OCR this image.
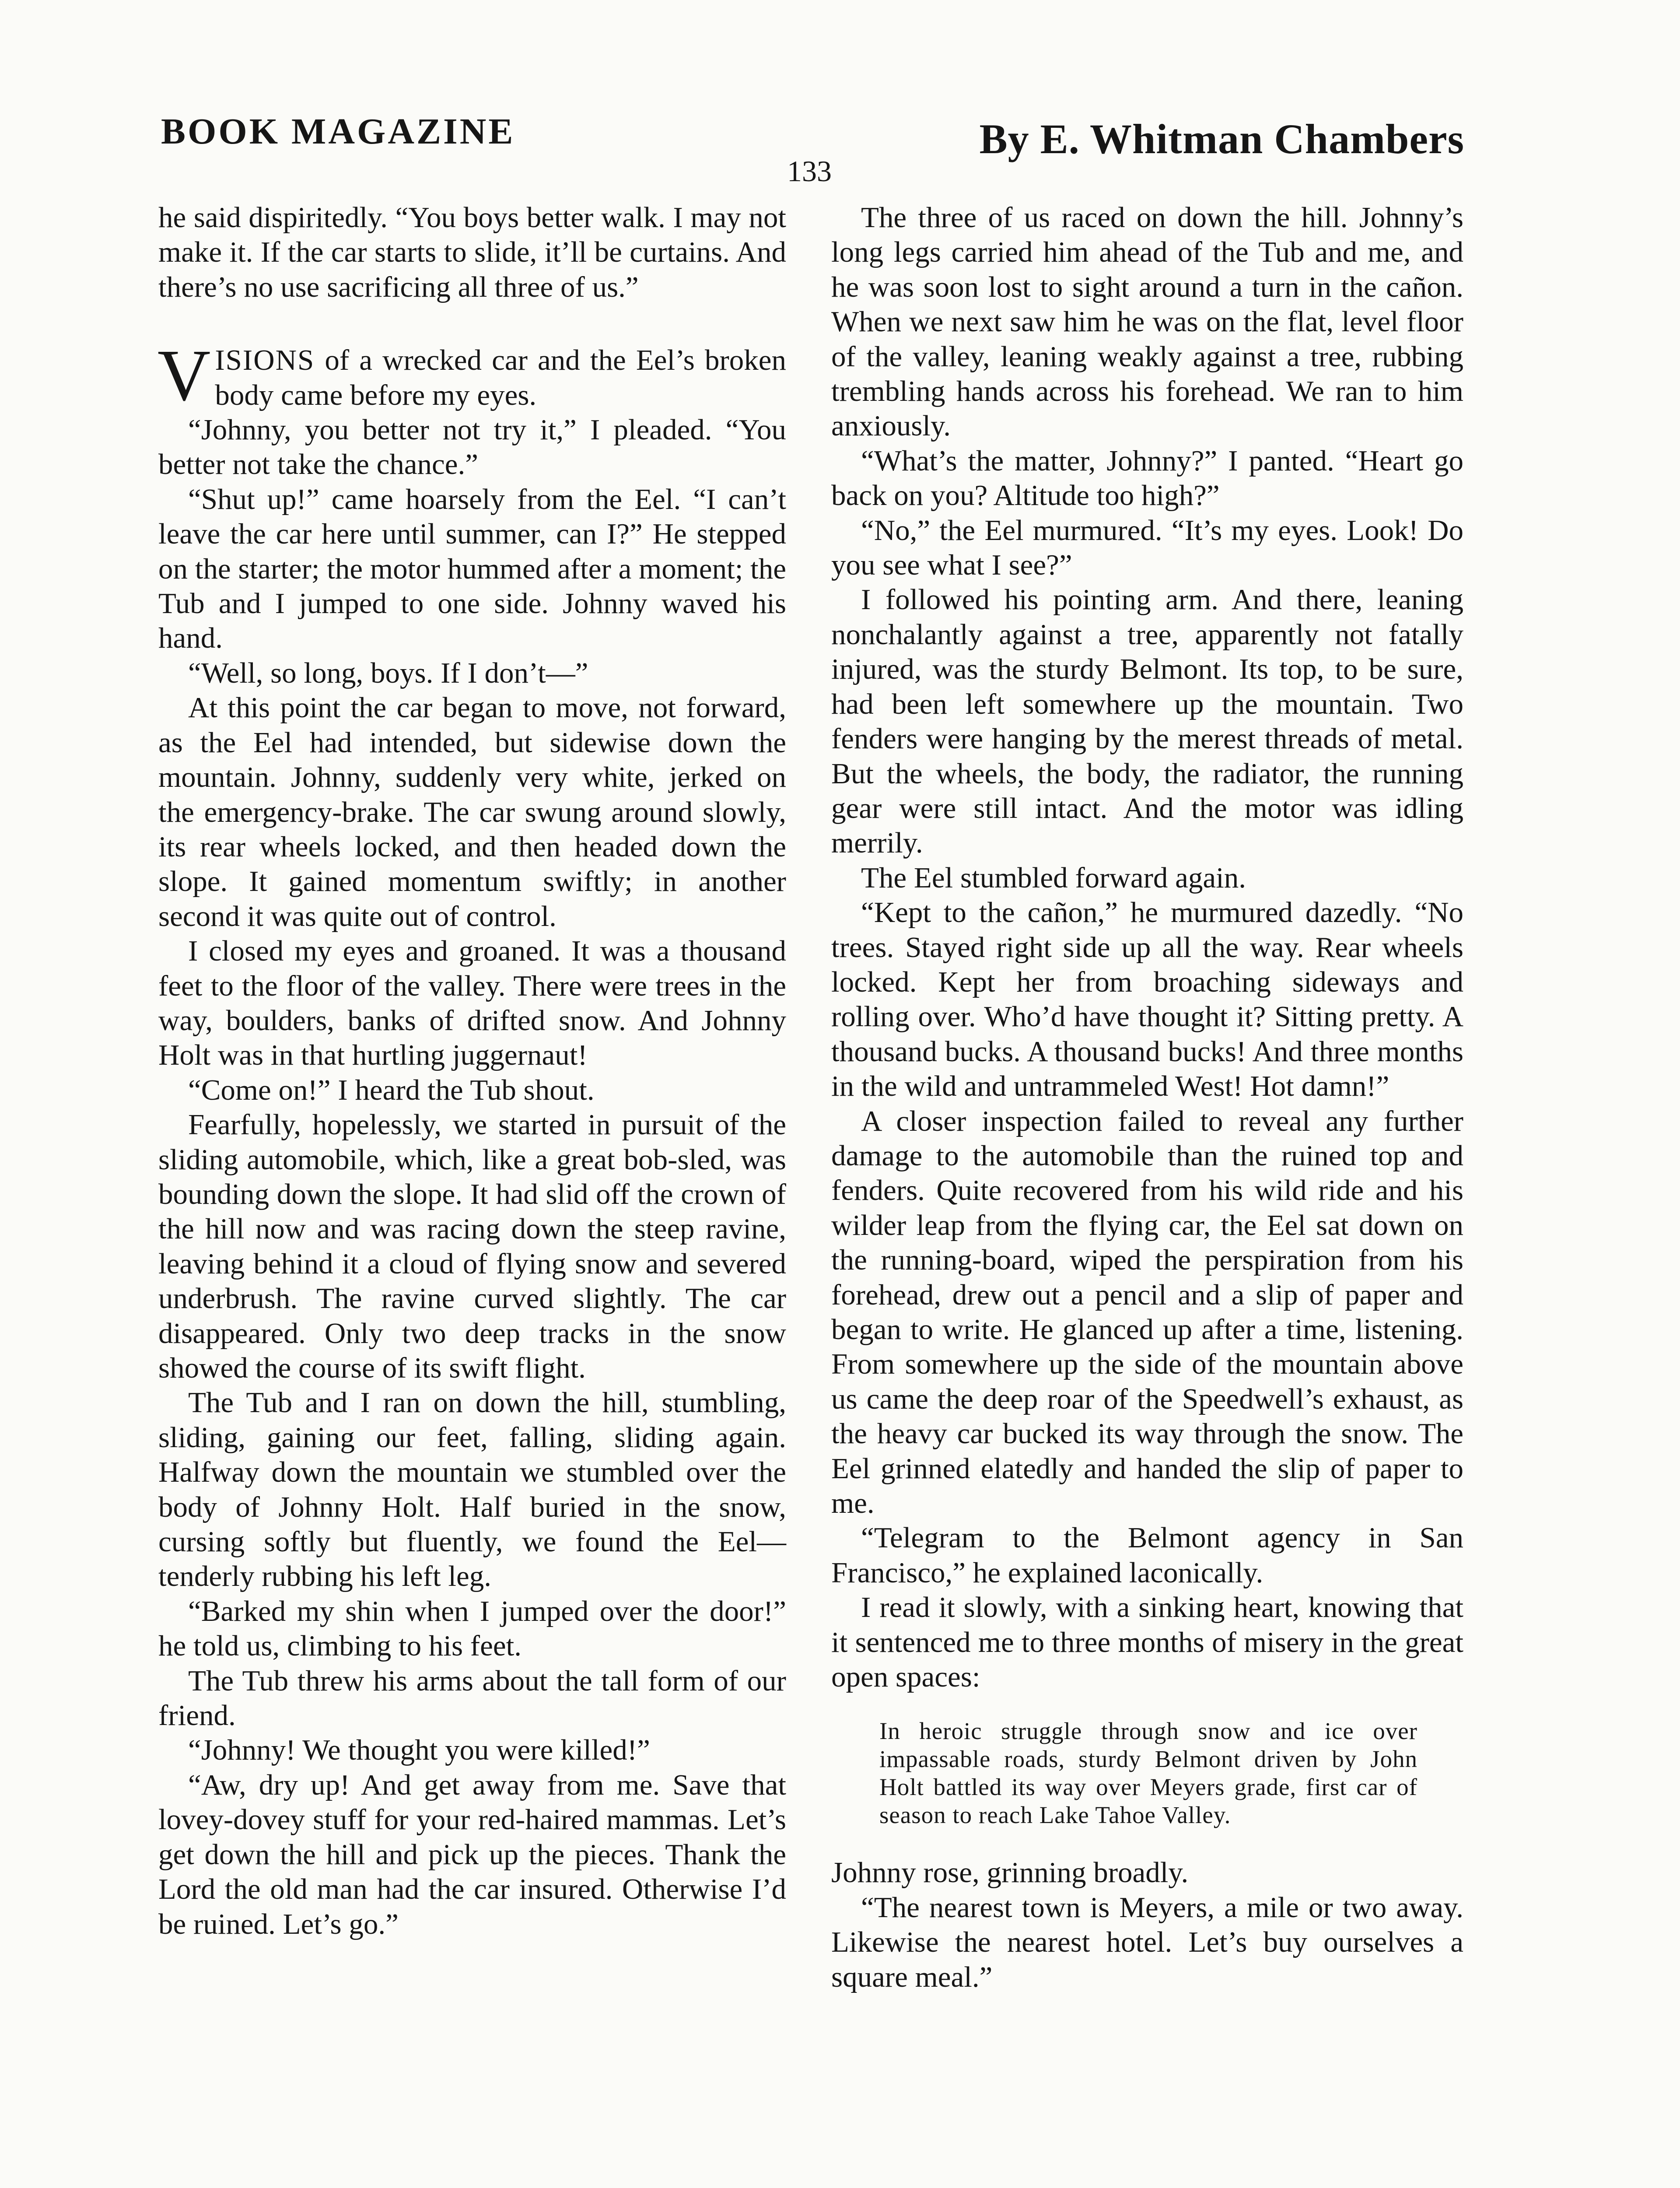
BOOK MAGAZINE	By E. Whitman Chambers
133

he said dispiritedly. “You boys better walk. I may not make it. If the car starts to slide, it’ll be curtains. And there’s no use sacrificing all three of us.”

VISIONS of a wrecked car and the Eel’s broken body came before my eyes.

“Johnny, you better not try it,” I pleaded. “You better not take the chance.”

“Shut up!” came hoarsely from the Eel. “I can’t leave the car here until summer, can I?” He stepped on the starter; the motor hummed after a moment; the Tub and I jumped to one side. Johnny waved his hand.

“Well, so long, boys. If I don’t—”

At this point the car began to move, not forward, as the Eel had intended, but sidewise down the mountain. Johnny, suddenly very white, jerked on the emergency-brake. The car swung around slowly, its rear wheels locked, and then headed down the slope. It gained momentum swiftly; in another second it was quite out of control.

I closed my eyes and groaned. It was a thousand feet to the floor of the valley. There were trees in the way, boulders, banks of drifted snow. And Johnny Holt was in that hurtling juggernaut!

“Come on!” I heard the Tub shout.

Fearfully, hopelessly, we started in pursuit of the sliding automobile, which, like a great bob-sled, was bounding down the slope. It had slid off the crown of the hill now and was racing down the steep ravine, leaving behind it a cloud of flying snow and severed underbrush. The ravine curved slightly. The car disappeared. Only two deep tracks in the snow showed the course of its swift flight.

The Tub and I ran on down the hill, stumbling, sliding, gaining our feet, falling, sliding again. Halfway down the mountain we stumbled over the body of Johnny Holt. Half buried in the snow, cursing softly but fluently, we found the Eel—tenderly rubbing his left leg.

“Barked my shin when I jumped over the door!” he told us, climbing to his feet.

The Tub threw his arms about the tall form of our friend.

“Johnny! We thought you were killed!”

“Aw, dry up! And get away from me. Save that lovey-dovey stuff for your red-haired mammas. Let’s get down the hill and pick up the pieces. Thank the Lord the old man had the car insured. Otherwise I’d be ruined. Let’s go.”

The three of us raced on down the hill. Johnny’s long legs carried him ahead of the Tub and me, and he was soon lost to sight around a turn in the cañon. When we next saw him he was on the flat, level floor of the valley, leaning weakly against a tree, rubbing trembling hands across his forehead. We ran to him anxiously.

“What’s the matter, Johnny?” I panted. “Heart go back on you? Altitude too high?”

“No,” the Eel murmured. “It’s my eyes. Look! Do you see what I see?”

I followed his pointing arm. And there, leaning nonchalantly against a tree, apparently not fatally injured, was the sturdy Belmont. Its top, to be sure, had been left somewhere up the mountain. Two fenders were hanging by the merest threads of metal. But the wheels, the body, the radiator, the running gear were still intact. And the motor was idling merrily.

The Eel stumbled forward again.

“Kept to the cañon,” he murmured dazedly. “No trees. Stayed right side up all the way. Rear wheels locked. Kept her from broaching sideways and rolling over. Who’d have thought it? Sitting pretty. A thousand bucks. A thousand bucks! And three months in the wild and untrammeled West! Hot damn!”

A closer inspection failed to reveal any further damage to the automobile than the ruined top and fenders. Quite recovered from his wild ride and his wilder leap from the flying car, the Eel sat down on the running-board, wiped the perspiration from his forehead, drew out a pencil and a slip of paper and began to write. He glanced up after a time, listening. From somewhere up the side of the mountain above us came the deep roar of the Speedwell’s exhaust, as the heavy car bucked its way through the snow. The Eel grinned elatedly and handed the slip of paper to me.

“Telegram to the Belmont agency in San Francisco,” he explained laconically.

I read it slowly, with a sinking heart, knowing that it sentenced me to three months of misery in the great open spaces:

In heroic struggle through snow and ice over impassable roads, sturdy Belmont driven by John Holt battled its way over Meyers grade, first car of season to reach Lake Tahoe Valley.

Johnny rose, grinning broadly.

“The nearest town is Meyers, a mile or two away. Likewise the nearest hotel. Let’s buy ourselves a square meal.”
